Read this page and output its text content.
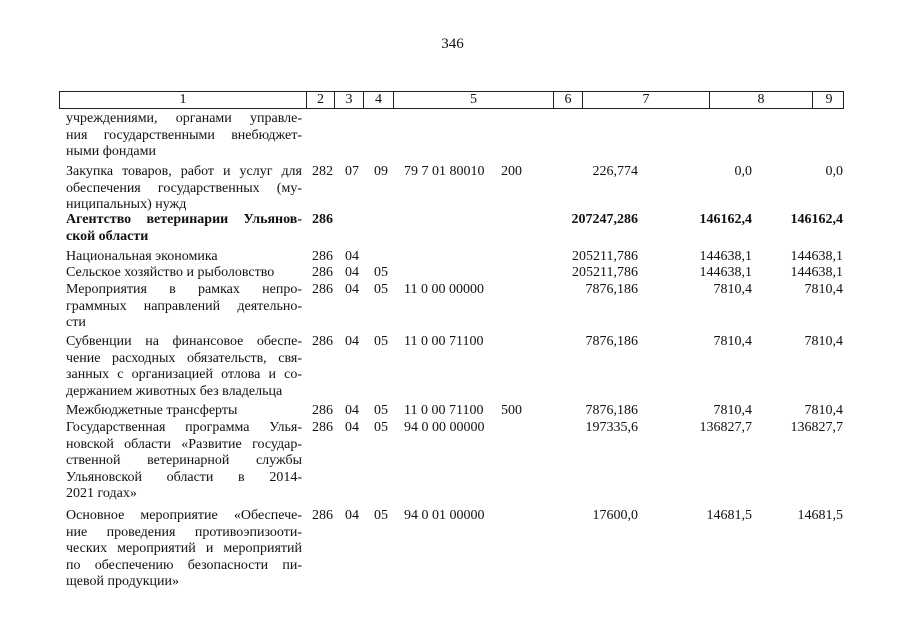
346
1	2	3	4	5	6	7	8	9
учреждениями, органами управле-
ния государственными внебюджет-
ными фондами
Закупка товаров, работ и услуг для
обеспечения государственных (му-
ниципальных) нужд
282 07 09 79 7 01 80010 200	226,774	0,0	0,0
Агентство ветеринарии Ульянов-
ской области
286	207247,286	146162,4	146162,4
Национальная экономика	286 04	205211,786	144638,1	144638,1
Сельское хозяйство и рыболовство	286 04 05	205211,786	144638,1	144638,1
Мероприятия в рамках непро-
граммных направлений деятельно-
сти
286 04 05 11 0 00 00000	7876,186	7810,4	7810,4
Субвенции на финансовое обеспе-
чение расходных обязательств, свя-
занных с организацией отлова и со-
держанием животных без владельца
286 04 05 11 0 00 71100	7876,186	7810,4	7810,4
Межбюджетные трансферты	286 04 05 11 0 00 71100 500	7876,186	7810,4	7810,4
Государственная программа Улья-
новской области «Развитие государ-
ственной ветеринарной службы
Ульяновской области в 2014-
2021 годах»
286 04 05 94 0 00 00000	197335,6	136827,7	136827,7
Основное мероприятие «Обеспече-
ние проведения противоэпизооти-
ческих мероприятий и мероприятий
по обеспечению безопасности пи-
щевой продукции»
286 04 05 94 0 01 00000	17600,0	14681,5	14681,5
